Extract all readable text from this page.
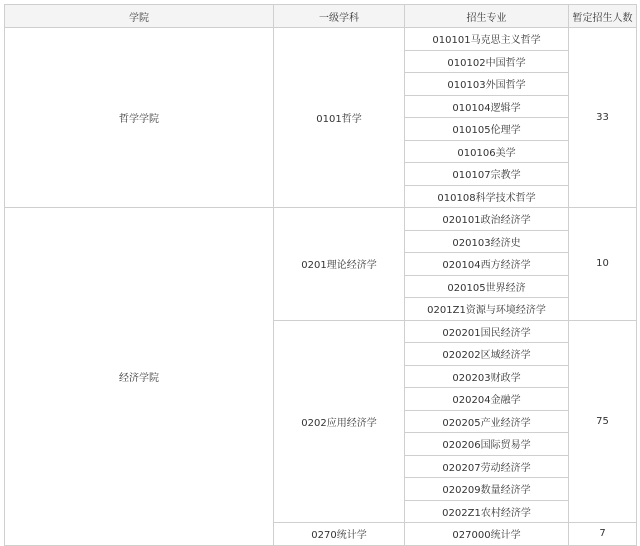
学院	一级学科	招生专业	暂定招生人数
哲学学院	0101哲学	010101马克思主义哲学	33
		010102中国哲学	
		010103外国哲学	
		010104逻辑学	
		010105伦理学	
		010106美学	
		010107宗教学	
		010108科学技术哲学	
经济学院	0201理论经济学	020101政治经济学	10
		020103经济史	
		020104西方经济学	
		020105世界经济	
		0201Z1资源与环境经济学	
	0202应用经济学	020201国民经济学	75
		020202区域经济学	
		020203财政学	
		020204金融学	
		020205产业经济学	
		020206国际贸易学	
		020207劳动经济学	
		020209数量经济学	
		0202Z1农村经济学	
	0270统计学	027000统计学	7
